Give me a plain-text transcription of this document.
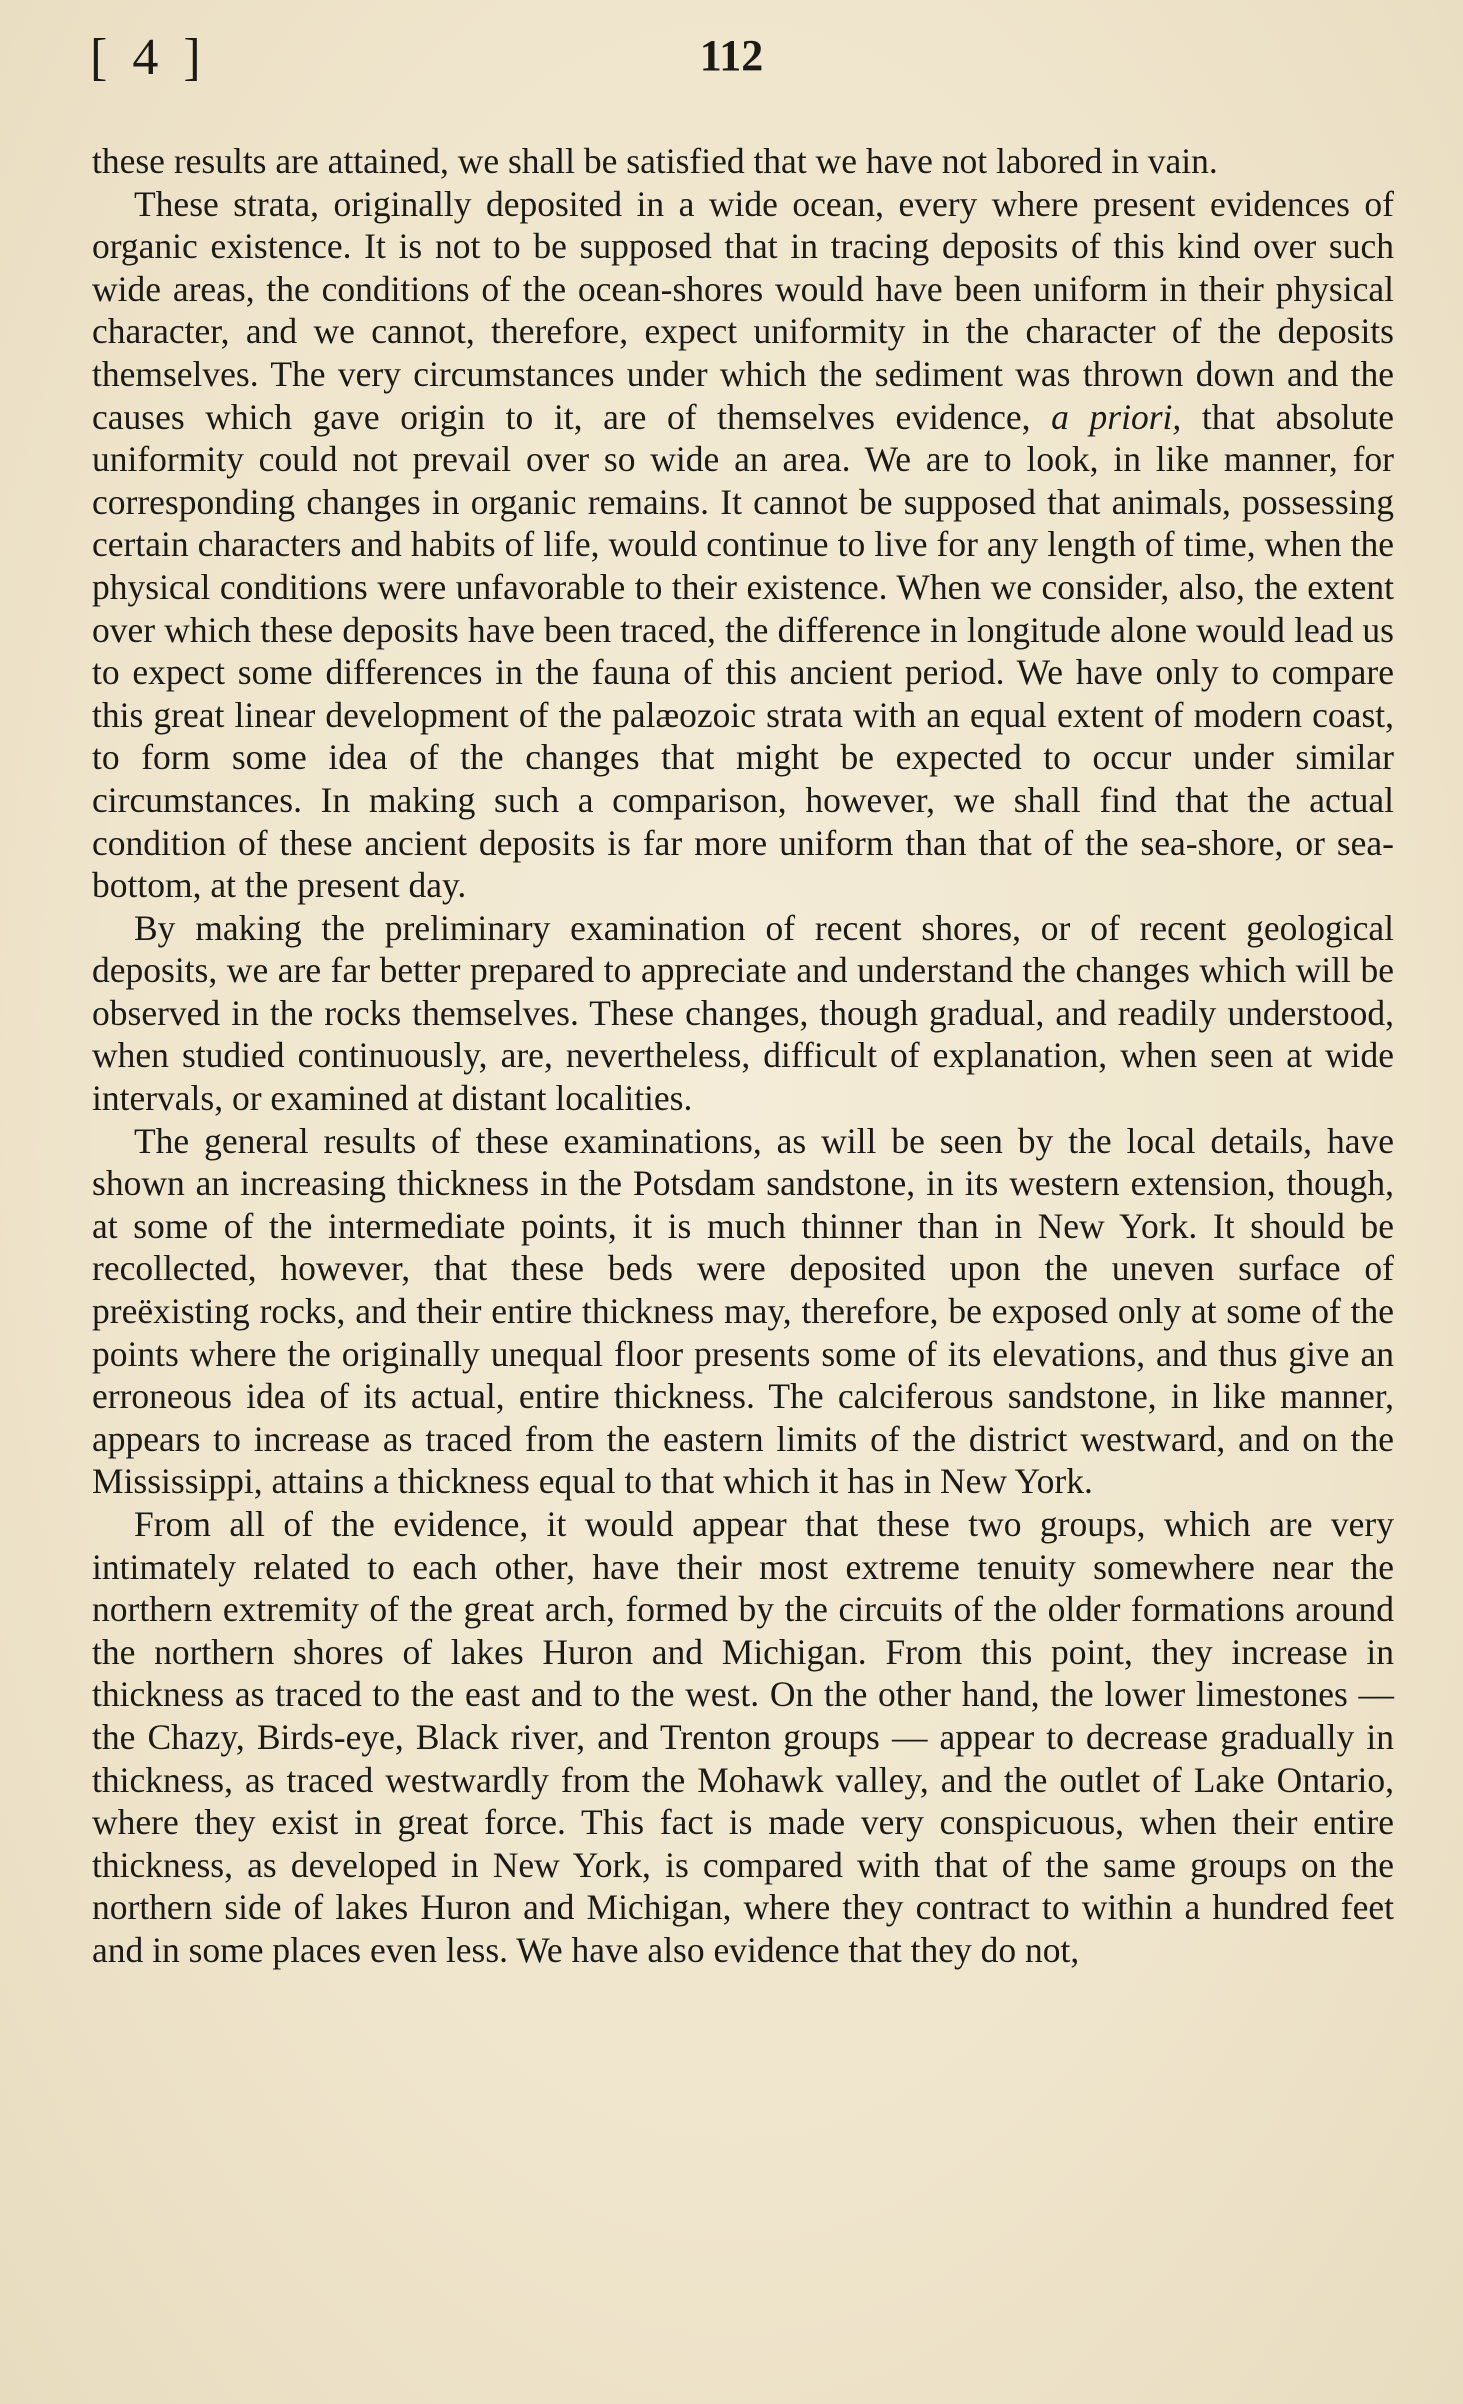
[ 4 ]	112

these results are attained, we shall be satisfied that we have not labored in vain.

These strata, originally deposited in a wide ocean, every where present evidences of organic existence. It is not to be supposed that in tracing deposits of this kind over such wide areas, the conditions of the ocean-shores would have been uniform in their physical character, and we cannot, therefore, expect uniformity in the character of the deposits themselves. The very circumstances under which the sediment was thrown down and the causes which gave origin to it, are of themselves evidence, a priori, that absolute uniformity could not prevail over so wide an area. We are to look, in like manner, for corresponding changes in organic remains. It cannot be supposed that animals, possessing certain characters and habits of life, would continue to live for any length of time, when the physical conditions were unfavorable to their existence. When we consider, also, the extent over which these deposits have been traced, the difference in longitude alone would lead us to expect some differences in the fauna of this ancient period. We have only to compare this great linear development of the palæozoic strata with an equal extent of modern coast, to form some idea of the changes that might be expected to occur under similar circumstances. In making such a comparison, however, we shall find that the actual condition of these ancient deposits is far more uniform than that of the sea-shore, or sea-bottom, at the present day.

By making the preliminary examination of recent shores, or of recent geological deposits, we are far better prepared to appreciate and understand the changes which will be observed in the rocks themselves. These changes, though gradual, and readily understood, when studied continuously, are, nevertheless, difficult of explanation, when seen at wide intervals, or examined at distant localities.

The general results of these examinations, as will be seen by the local details, have shown an increasing thickness in the Potsdam sandstone, in its western extension, though, at some of the intermediate points, it is much thinner than in New York. It should be recollected, however, that these beds were deposited upon the uneven surface of preëxisting rocks, and their entire thickness may, therefore, be exposed only at some of the points where the originally unequal floor presents some of its elevations, and thus give an erroneous idea of its actual, entire thickness. The calciferous sandstone, in like manner, appears to increase as traced from the eastern limits of the district westward, and on the Mississippi, attains a thickness equal to that which it has in New York.

From all of the evidence, it would appear that these two groups, which are very intimately related to each other, have their most extreme tenuity somewhere near the northern extremity of the great arch, formed by the circuits of the older formations around the northern shores of lakes Huron and Michigan. From this point, they increase in thickness as traced to the east and to the west. On the other hand, the lower limestones — the Chazy, Birds-eye, Black river, and Trenton groups — appear to decrease gradually in thickness, as traced westwardly from the Mohawk valley, and the outlet of Lake Ontario, where they exist in great force. This fact is made very conspicuous, when their entire thickness, as developed in New York, is compared with that of the same groups on the northern side of lakes Huron and Michigan, where they contract to within a hundred feet and in some places even less. We have also evidence that they do not,
